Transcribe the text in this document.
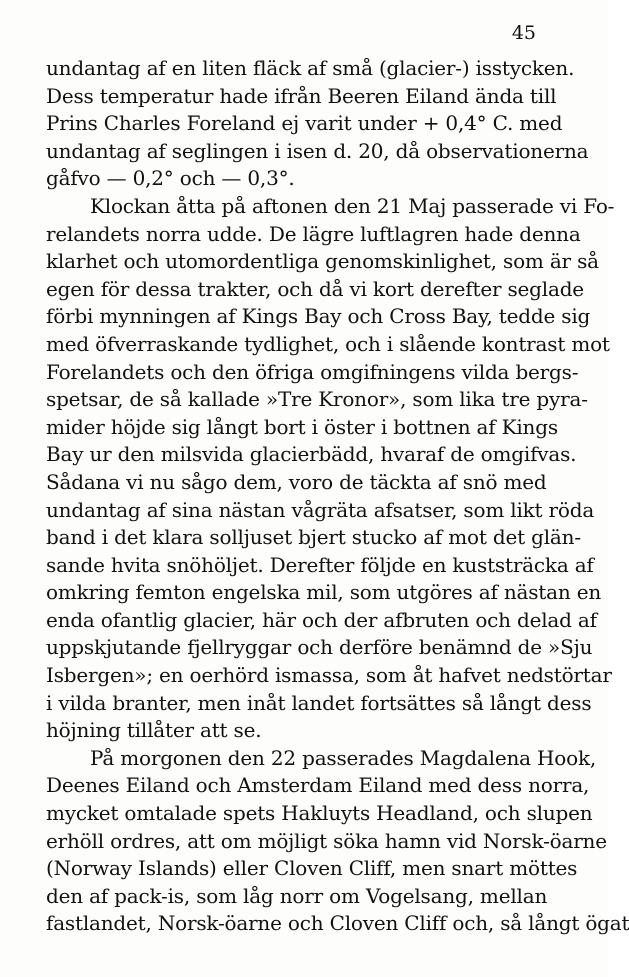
45
undantag af en liten fläck af små (glacier-) isstycken.
Dess temperatur hade ifrån Beeren Eiland ända till
Prins Charles Foreland ej varit under + 0,4° C. med
undantag af seglingen i isen d. 20, då observationerna
gåfvo — 0,2° och — 0,3°.
Klockan åtta på aftonen den 21 Maj passerade vi Fo-
relandets norra udde. De lägre luftlagren hade denna
klarhet och utomordentliga genomskinlighet, som är så
egen för dessa trakter, och då vi kort derefter seglade
förbi mynningen af Kings Bay och Cross Bay, tedde sig
med öfverraskande tydlighet, och i slående kontrast mot
Forelandets och den öfriga omgifningens vilda bergs-
spetsar, de så kallade »Tre Kronor», som lika tre pyra-
mider höjde sig långt bort i öster i bottnen af Kings
Bay ur den milsvida glacierbädd, hvaraf de omgifvas.
Sådana vi nu sågo dem, voro de täckta af snö med
undantag af sina nästan vågräta afsatser, som likt röda
band i det klara solljuset bjert stucko af mot det glän-
sande hvita snöhöljet. Derefter följde en kuststräcka af
omkring femton engelska mil, som utgöres af nästan en
enda ofantlig glacier, här och der afbruten och delad af
uppskjutande fjellryggar och derföre benämnd de »Sju
Isbergen»; en oerhörd ismassa, som åt hafvet nedstörtar
i vilda branter, men inåt landet fortsättes så långt dess
höjning tillåter att se.
På morgonen den 22 passerades Magdalena Hook,
Deenes Eiland och Amsterdam Eiland med dess norra,
mycket omtalade spets Hakluyts Headland, och slupen
erhöll ordres, att om möjligt söka hamn vid Norsk-öarne
(Norway Islands) eller Cloven Cliff, men snart möttes
den af pack-is, som låg norr om Vogelsang, mellan
fastlandet, Norsk-öarne och Cloven Cliff och, så långt ögat
